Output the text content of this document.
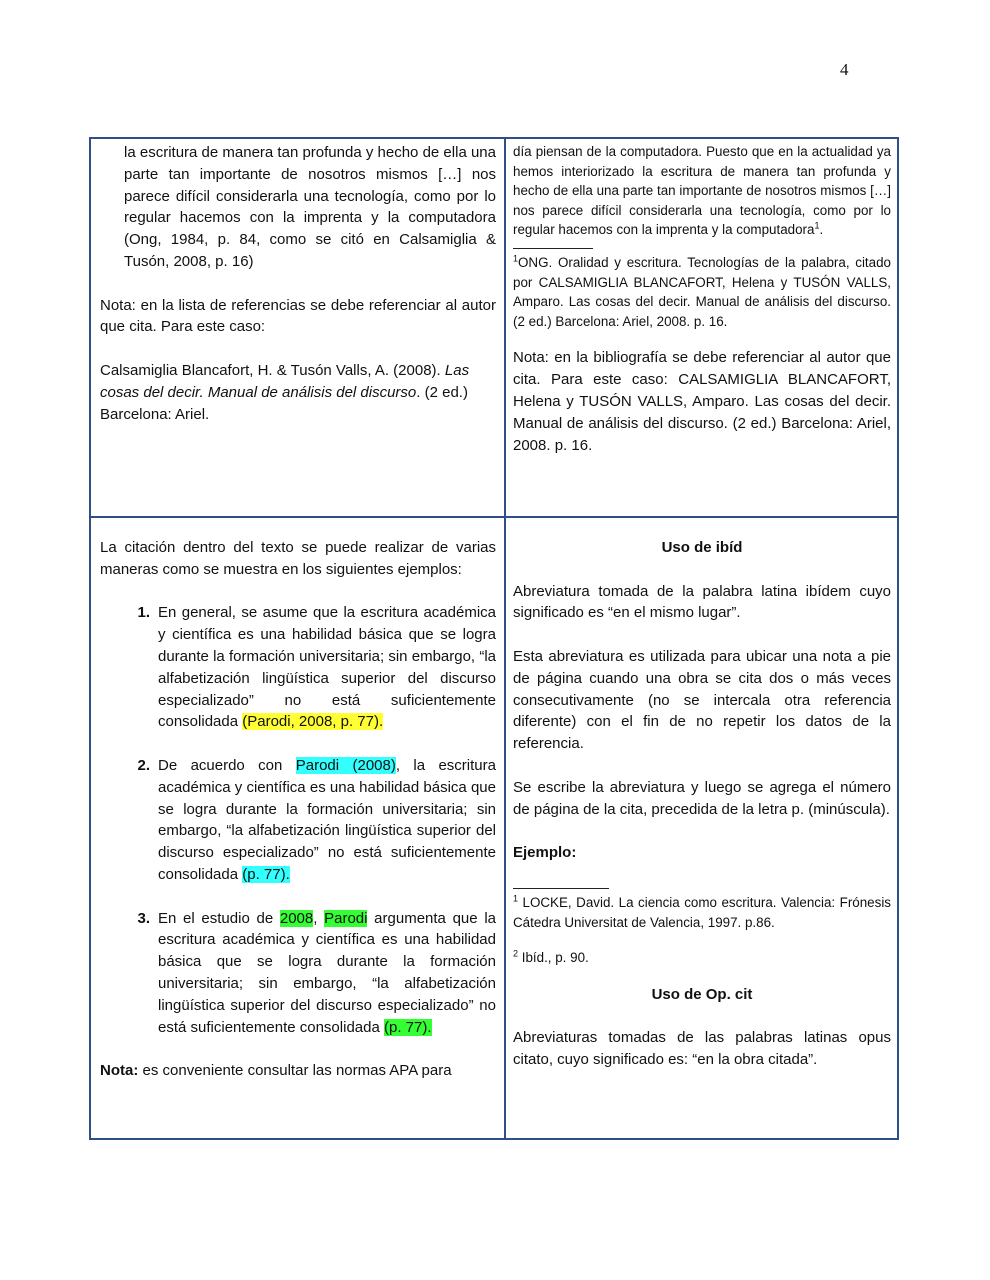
4

la escritura de manera tan profunda y hecho de ella una parte tan importante de nosotros mismos […] nos parece difícil considerarla una tecnología, como por lo regular hacemos con la imprenta y la computadora (Ong, 1984, p. 84, como se citó en Calsamiglia & Tusón, 2008, p. 16)

Nota: en la lista de referencias se debe referenciar al autor que cita. Para este caso:

Calsamiglia Blancafort, H. & Tusón Valls, A. (2008). Las cosas del decir. Manual de análisis del discurso. (2 ed.) Barcelona: Ariel.

día piensan de la computadora. Puesto que en la actualidad ya hemos interiorizado la escritura de manera tan profunda y hecho de ella una parte tan importante de nosotros mismos […] nos parece difícil considerarla una tecnología, como por lo regular hacemos con la imprenta y la computadora$^1$.

$^1$ONG. Oralidad y escritura. Tecnologías de la palabra, citado por CALSAMIGLIA BLANCAFORT, Helena y TUSÓN VALLS, Amparo. Las cosas del decir. Manual de análisis del discurso. (2 ed.) Barcelona: Ariel, 2008. p. 16.

Nota: en la bibliografía se debe referenciar al autor que cita. Para este caso: CALSAMIGLIA BLANCAFORT, Helena y TUSÓN VALLS, Amparo. Las cosas del decir. Manual de análisis del discurso. (2 ed.) Barcelona: Ariel, 2008. p. 16.

La citación dentro del texto se puede realizar de varias maneras como se muestra en los siguientes ejemplos:

1. En general, se asume que la escritura académica y científica es una habilidad básica que se logra durante la formación universitaria; sin embargo, “la alfabetización lingüística superior del discurso especializado” no está suficientemente consolidada (Parodi, 2008, p. 77).

2. De acuerdo con Parodi (2008), la escritura académica y científica es una habilidad básica que se logra durante la formación universitaria; sin embargo, “la alfabetización lingüística superior del discurso especializado” no está suficientemente consolidada (p. 77).

3. En el estudio de 2008, Parodi argumenta que la escritura académica y científica es una habilidad básica que se logra durante la formación universitaria; sin embargo, “la alfabetización lingüística superior del discurso especializado” no está suficientemente consolidada (p. 77).

Nota: es conveniente consultar las normas APA para

Uso de ibíd

Abreviatura tomada de la palabra latina ibídem cuyo significado es “en el mismo lugar”.

Esta abreviatura es utilizada para ubicar una nota a pie de página cuando una obra se cita dos o más veces consecutivamente (no se intercala otra referencia diferente) con el fin de no repetir los datos de la referencia.

Se escribe la abreviatura y luego se agrega el número de página de la cita, precedida de la letra p. (minúscula).

Ejemplo:

$^1$ LOCKE, David. La ciencia como escritura. Valencia: Frónesis Cátedra Universitat de Valencia, 1997. p.86.

$^2$ Ibíd., p. 90.

Uso de Op. cit

Abreviaturas tomadas de las palabras latinas opus citato, cuyo significado es: “en la obra citada”.
